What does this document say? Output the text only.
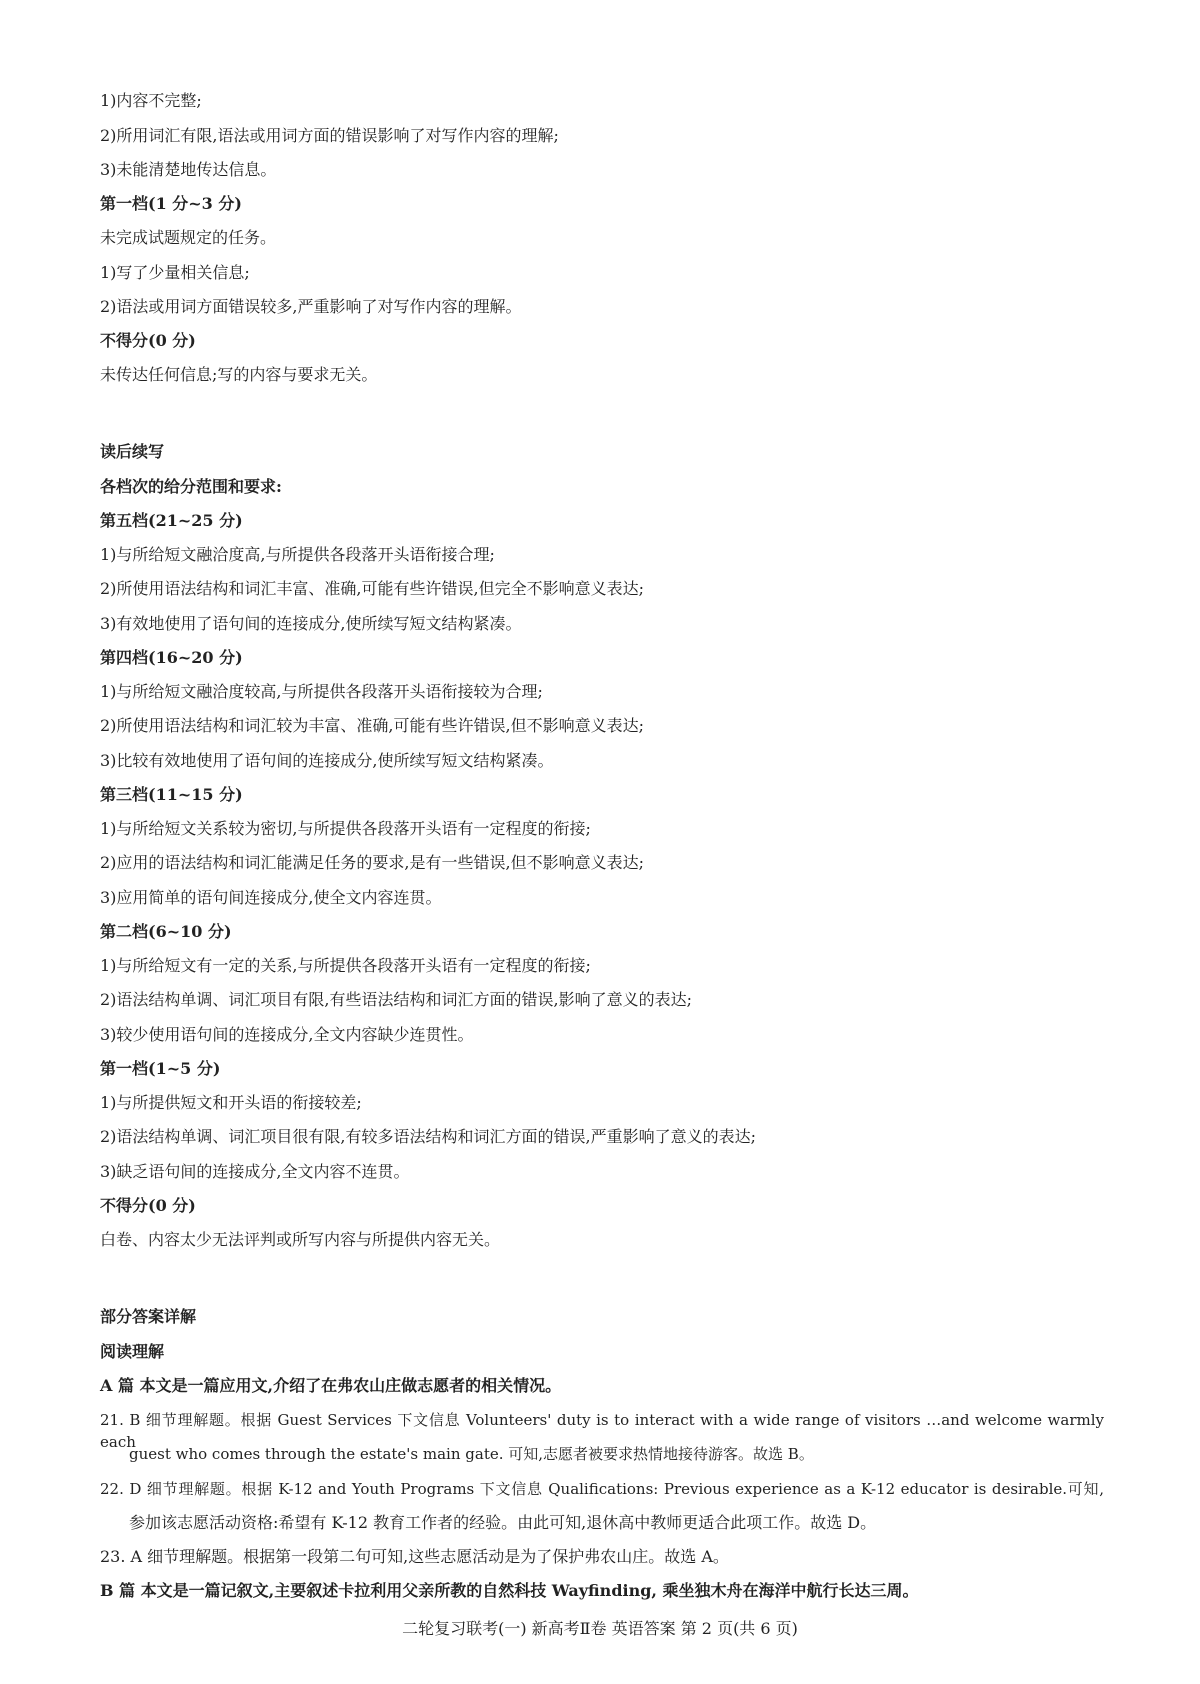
1)内容不完整;
2)所用词汇有限,语法或用词方面的错误影响了对写作内容的理解;
3)未能清楚地传达信息。
第一档(1 分~3 分)
未完成试题规定的任务。
1)写了少量相关信息;
2)语法或用词方面错误较多,严重影响了对写作内容的理解。
不得分(0 分)
未传达任何信息;写的内容与要求无关。
读后续写
各档次的给分范围和要求:
第五档(21~25 分)
1)与所给短文融洽度高,与所提供各段落开头语衔接合理;
2)所使用语法结构和词汇丰富、准确,可能有些许错误,但完全不影响意义表达;
3)有效地使用了语句间的连接成分,使所续写短文结构紧凑。
第四档(16~20 分)
1)与所给短文融洽度较高,与所提供各段落开头语衔接较为合理;
2)所使用语法结构和词汇较为丰富、准确,可能有些许错误,但不影响意义表达;
3)比较有效地使用了语句间的连接成分,使所续写短文结构紧凑。
第三档(11~15 分)
1)与所给短文关系较为密切,与所提供各段落开头语有一定程度的衔接;
2)应用的语法结构和词汇能满足任务的要求,是有一些错误,但不影响意义表达;
3)应用简单的语句间连接成分,使全文内容连贯。
第二档(6~10 分)
1)与所给短文有一定的关系,与所提供各段落开头语有一定程度的衔接;
2)语法结构单调、词汇项目有限,有些语法结构和词汇方面的错误,影响了意义的表达;
3)较少使用语句间的连接成分,全文内容缺少连贯性。
第一档(1~5 分)
1)与所提供短文和开头语的衔接较差;
2)语法结构单调、词汇项目很有限,有较多语法结构和词汇方面的错误,严重影响了意义的表达;
3)缺乏语句间的连接成分,全文内容不连贯。
不得分(0 分)
白卷、内容太少无法评判或所写内容与所提供内容无关。
部分答案详解
阅读理解
A 篇 本文是一篇应用文,介绍了在弗农山庄做志愿者的相关情况。
21. B 细节理解题。根据 Guest Services 下文信息 Volunteers' duty is to interact with a wide range of visitors …and welcome warmly each
guest who comes through the estate's main gate. 可知,志愿者被要求热情地接待游客。故选 B。
22. D 细节理解题。根据 K-12 and Youth Programs 下文信息 Qualifications: Previous experience as a K-12 educator is desirable.可知,
参加该志愿活动资格:希望有 K-12 教育工作者的经验。由此可知,退休高中教师更适合此项工作。故选 D。
23. A 细节理解题。根据第一段第二句可知,这些志愿活动是为了保护弗农山庄。故选 A。
B 篇 本文是一篇记叙文,主要叙述卡拉利用父亲所教的自然科技 Wayfinding, 乘坐独木舟在海洋中航行长达三周。
二轮复习联考(一) 新高考Ⅱ卷 英语答案 第 2 页(共 6 页)
